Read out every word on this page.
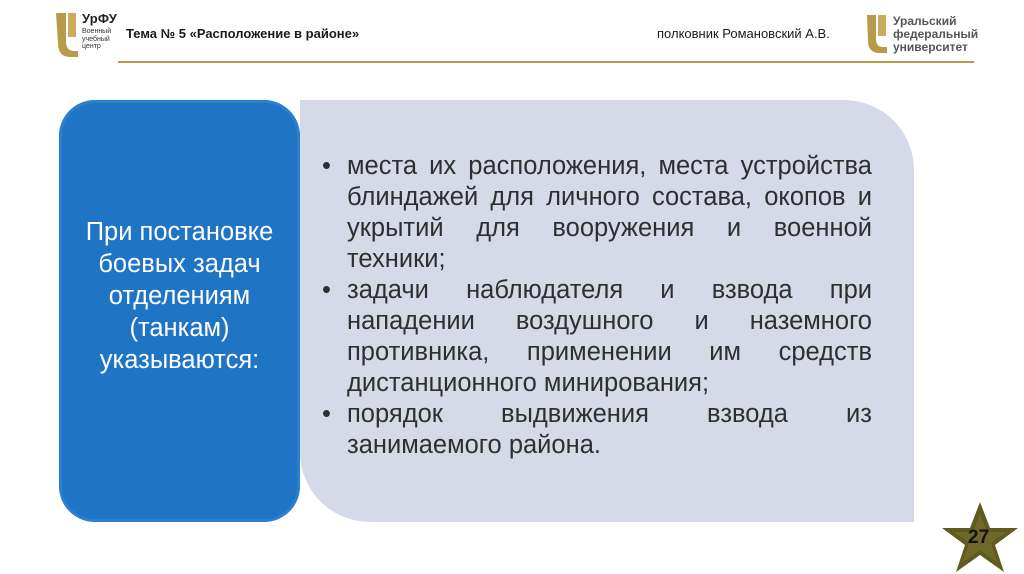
УрФУ
Военный учебный центр
Тема № 5 «Расположение в районе»	полковник Романовский А.В.
Уральский
федеральный
университет
При постановке боевых задач отделениям (танкам) указываются:
• места их расположения, места устройства блиндажей для личного состава, окопов и укрытий для вооружения и военной техники;
• задачи наблюдателя и взвода при нападении воздушного и наземного противника, применении им средств дистанционного минирования;
• порядок выдвижения взвода из занимаемого района.
27
